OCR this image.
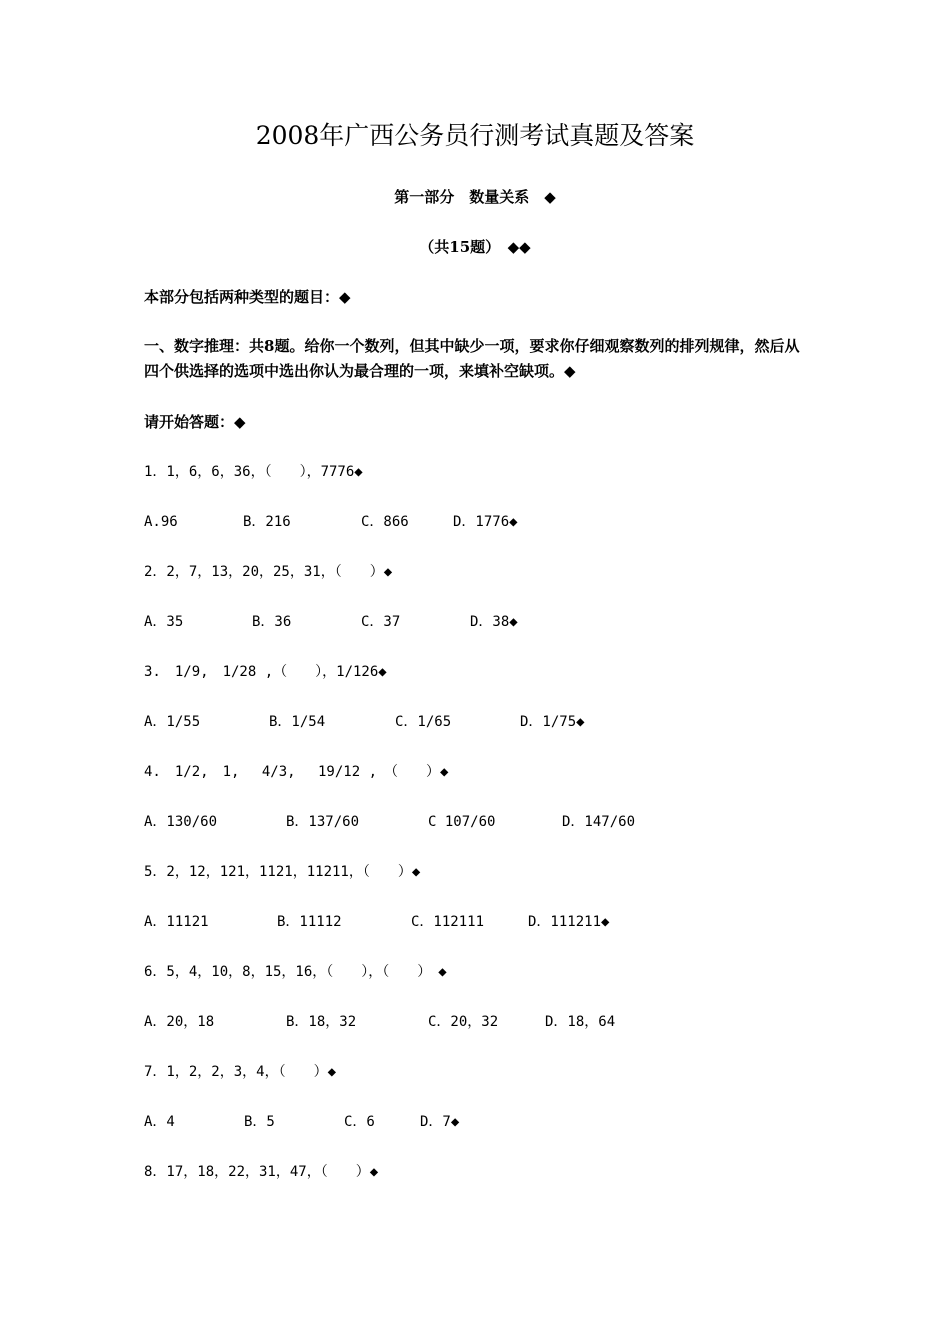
2008年广西公务员行测考试真题及答案
第一部分　数量关系　◆
（共15题）　◆◆
本部分包括两种类型的题目：◆
一、数字推理：共8题。给你一个数列，但其中缺少一项，要求你仔细观察数列的排列规律，然后从四个供选择的选项中选出你认为最合理的一项，来填补空缺项。◆
请开始答题：◆
1．1，6，6，36，（　　），7776◆
A.96	B．216	C．866	D．1776◆
2．2，7，13，20，25，31，（　　）◆
A．35	B．36	C．37	D．38◆
3.　1/9,　1/28 ,（　　），1/126◆
A．1/55	B．1/54	C．1/65	D．1/75◆
4.　1/2,　1,　 4/3,　 19/12 ,　（　　）◆
A．130/60	B．137/60	C 107/60	D．147/60
5．2，12，121，1121，11211，（　　）◆
A．11121	B．11112	C．112111	D．111211◆
6．5，4，10，8，15，16，（　　），（　　）　◆
A．20，18	B．18，32	C．20，32	D．18，64
7．1，2，2，3，4，（　　）◆
A．4	B．5	C．6	D．7◆
8．17，18，22，31，47，（　　）◆
